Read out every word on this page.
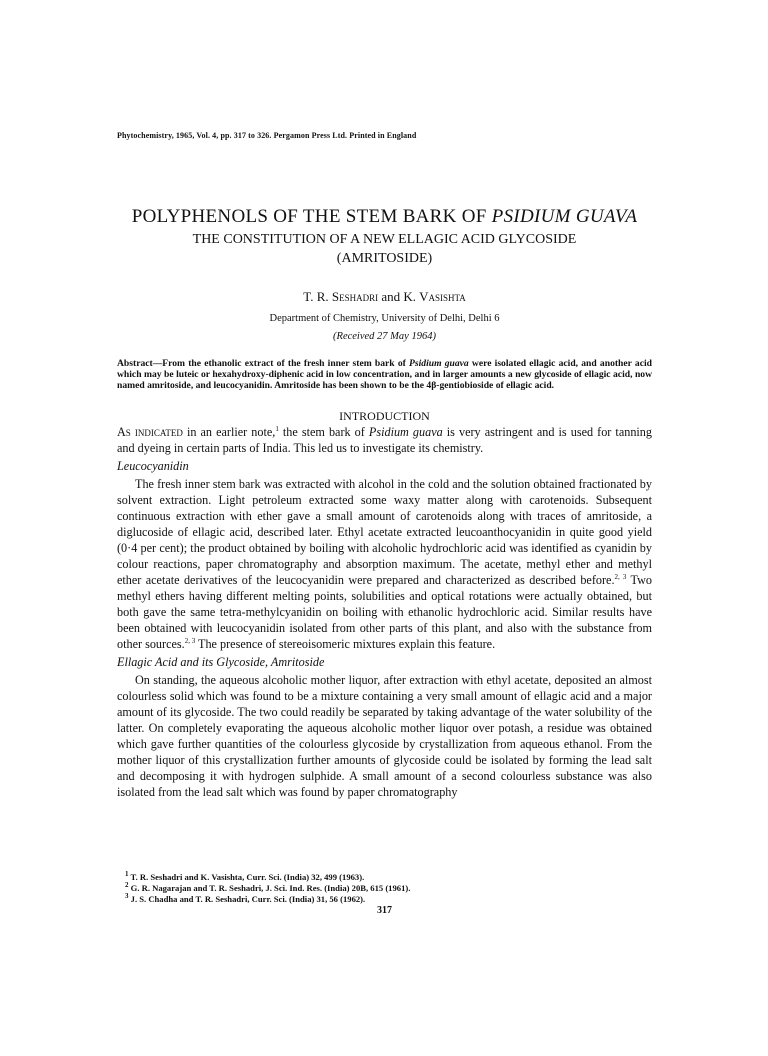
Phytochemistry, 1965, Vol. 4, pp. 317 to 326. Pergamon Press Ltd. Printed in England
POLYPHENOLS OF THE STEM BARK OF PSIDIUM GUAVA
THE CONSTITUTION OF A NEW ELLAGIC ACID GLYCOSIDE
(AMRITOSIDE)
T. R. Seshadri and K. Vasishta
Department of Chemistry, University of Delhi, Delhi 6
(Received 27 May 1964)
Abstract—From the ethanolic extract of the fresh inner stem bark of Psidium guava were isolated ellagic acid, and another acid which may be luteic or hexahydroxy-diphenic acid in low concentration, and in larger amounts a new glycoside of ellagic acid, now named amritoside, and leucocyanidin. Amritoside has been shown to be the 4β-gentiobioside of ellagic acid.
INTRODUCTION

As indicated in an earlier note,$^1$ the stem bark of Psidium guava is very astringent and is used for tanning and dyeing in certain parts of India. This led us to investigate its chemistry.

Leucocyanidin

The fresh inner stem bark was extracted with alcohol in the cold and the solution obtained fractionated by solvent extraction. Light petroleum extracted some waxy matter along with carotenoids. Subsequent continuous extraction with ether gave a small amount of carotenoids along with traces of amritoside, a diglucoside of ellagic acid, described later. Ethyl acetate extracted leucoanthocyanidin in quite good yield (0·4 per cent); the product obtained by boiling with alcoholic hydrochloric acid was identified as cyanidin by colour reactions, paper chromatography and absorption maximum. The acetate, methyl ether and methyl ether acetate derivatives of the leucocyanidin were prepared and characterized as described before.$^{2, 3}$ Two methyl ethers having different melting points, solubilities and optical rotations were actually obtained, but both gave the same tetra-methylcyanidin on boiling with ethanolic hydrochloric acid. Similar results have been obtained with leucocyanidin isolated from other parts of this plant, and also with the substance from other sources.$^{2, 3}$ The presence of stereoisomeric mixtures explain this feature.

Ellagic Acid and its Glycoside, Amritoside

On standing, the aqueous alcoholic mother liquor, after extraction with ethyl acetate, deposited an almost colourless solid which was found to be a mixture containing a very small amount of ellagic acid and a major amount of its glycoside. The two could readily be separated by taking advantage of the water solubility of the latter. On completely evaporating the aqueous alcoholic mother liquor over potash, a residue was obtained which gave further quantities of the colourless glycoside by crystallization from aqueous ethanol. From the mother liquor of this crystallization further amounts of glycoside could be isolated by forming the lead salt and decomposing it with hydrogen sulphide. A small amount of a second colourless substance was also isolated from the lead salt which was found by paper chromatography

$^1$ T. R. Seshadri and K. Vasishta, Curr. Sci. (India) 32, 499 (1963).

$^2$ G. R. Nagarajan and T. R. Seshadri, J. Sci. Ind. Res. (India) 20B, 615 (1961).

$^3$ J. S. Chadha and T. R. Seshadri, Curr. Sci. (India) 31, 56 (1962).

317
